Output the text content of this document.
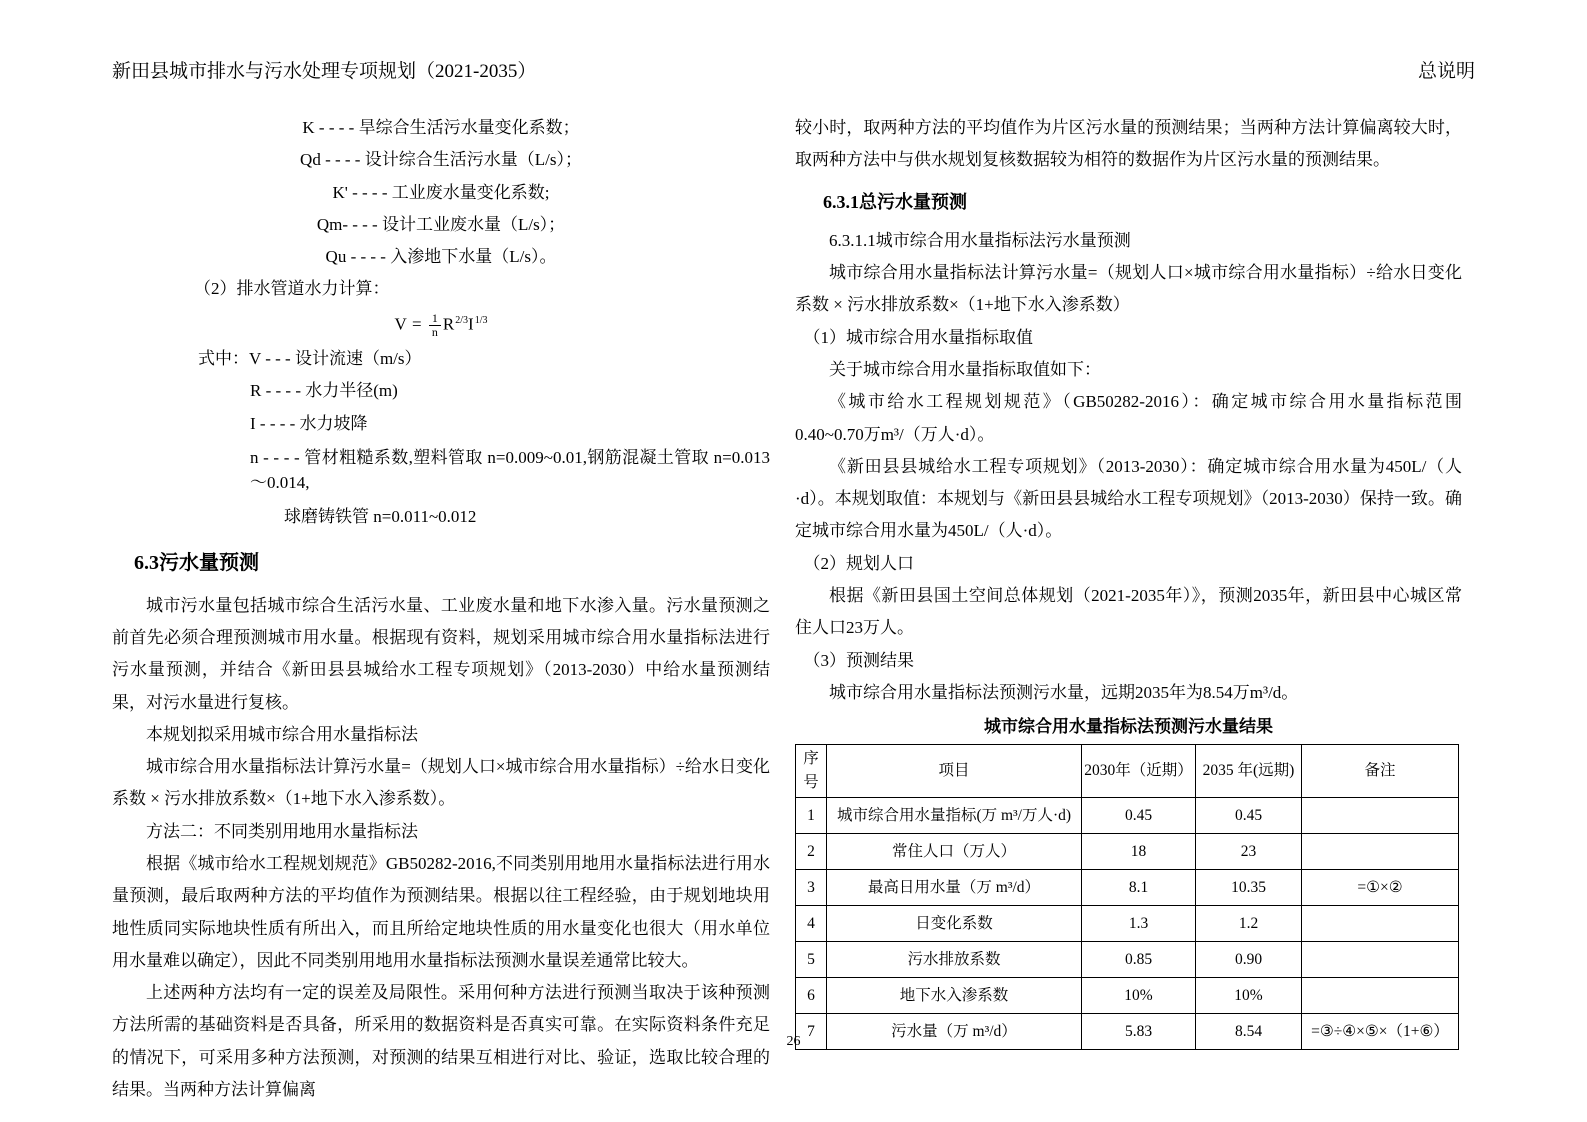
新田县城市排水与污水处理专项规划（2021-2035）	总说明
K - - - - 旱综合生活污水量变化系数；
Qd - - - - 设计综合生活污水量（L/s）；
K' - - - - 工业废水量变化系数;
Qm- - - - 设计工业废水量（L/s）；
Qu - - - - 入渗地下水量（L/s）。
（2）排水管道水力计算：
$V = \frac{1}{n} R^{2/3}I^{1/3}$
式中：V - - - 设计流速（m/s）
R - - - - 水力半径(m)
I - - - - 水力坡降
n - - - - 管材粗糙系数,塑料管取 n=0.009~0.01,钢筋混凝土管取 n=0.013～0.014,
球磨铸铁管 n=0.011~0.012
6.3污水量预测

城市污水量包括城市综合生活污水量、工业废水量和地下水渗入量。污水量预测之前首先必须合理预测城市用水量。根据现有资料，规划采用城市综合用水量指标法进行污水量预测，并结合《新田县县城给水工程专项规划》（2013-2030）中给水量预测结果，对污水量进行复核。

本规划拟采用城市综合用水量指标法

城市综合用水量指标法计算污水量=（规划人口×城市综合用水量指标）÷给水日变化系数 × 污水排放系数×（1+地下水入渗系数）。

方法二：不同类别用地用水量指标法

根据《城市给水工程规划规范》GB50282-2016,不同类别用地用水量指标法进行用水量预测，最后取两种方法的平均值作为预测结果。根据以往工程经验，由于规划地块用地性质同实际地块性质有所出入，而且所给定地块性质的用水量变化也很大（用水单位用水量难以确定），因此不同类别用地用水量指标法预测水量误差通常比较大。

上述两种方法均有一定的误差及局限性。采用何种方法进行预测当取决于该种预测方法所需的基础资料是否具备，所采用的数据资料是否真实可靠。在实际资料条件充足的情况下，可采用多种方法预测，对预测的结果互相进行对比、验证，选取比较合理的结果。当两种方法计算偏离

较小时，取两种方法的平均值作为片区污水量的预测结果；当两种方法计算偏离较大时，取两种方法中与供水规划复核数据较为相符的数据作为片区污水量的预测结果。

6.3.1总污水量预测

6.3.1.1城市综合用水量指标法污水量预测

城市综合用水量指标法计算污水量=（规划人口×城市综合用水量指标）÷给水日变化系数 × 污水排放系数×（1+地下水入渗系数）

（1）城市综合用水量指标取值

关于城市综合用水量指标取值如下：

《城市给水工程规划规范》（GB50282-2016）：确定城市综合用水量指标范围0.40~0.70万m³/（万人·d）。

《新田县县城给水工程专项规划》（2013-2030）：确定城市综合用水量为450L/（人·d）。本规划取值：本规划与《新田县县城给水工程专项规划》（2013-2030）保持一致。确定城市综合用水量为450L/（人·d）。

（2）规划人口

根据《新田县国土空间总体规划（2021-2035年）》，预测2035年，新田县中心城区常住人口23万人。

（3）预测结果

城市综合用水量指标法预测污水量，远期2035年为8.54万m³/d。

城市综合用水量指标法预测污水量结果
序号	项目	2030年（近期）	2035 年(远期)	备注
1	城市综合用水量指标(万 m³/万人·d)	0.45	0.45	
2	常住人口（万人）	18	23	
3	最高日用水量（万 m³/d）	8.1	10.35	=①×②
4	日变化系数	1.3	1.2	
5	污水排放系数	0.85	0.90	
6	地下水入渗系数	10%	10%	
7	污水量（万 m³/d）	5.83	8.54	=③÷④×⑤×（1+⑥）
26
